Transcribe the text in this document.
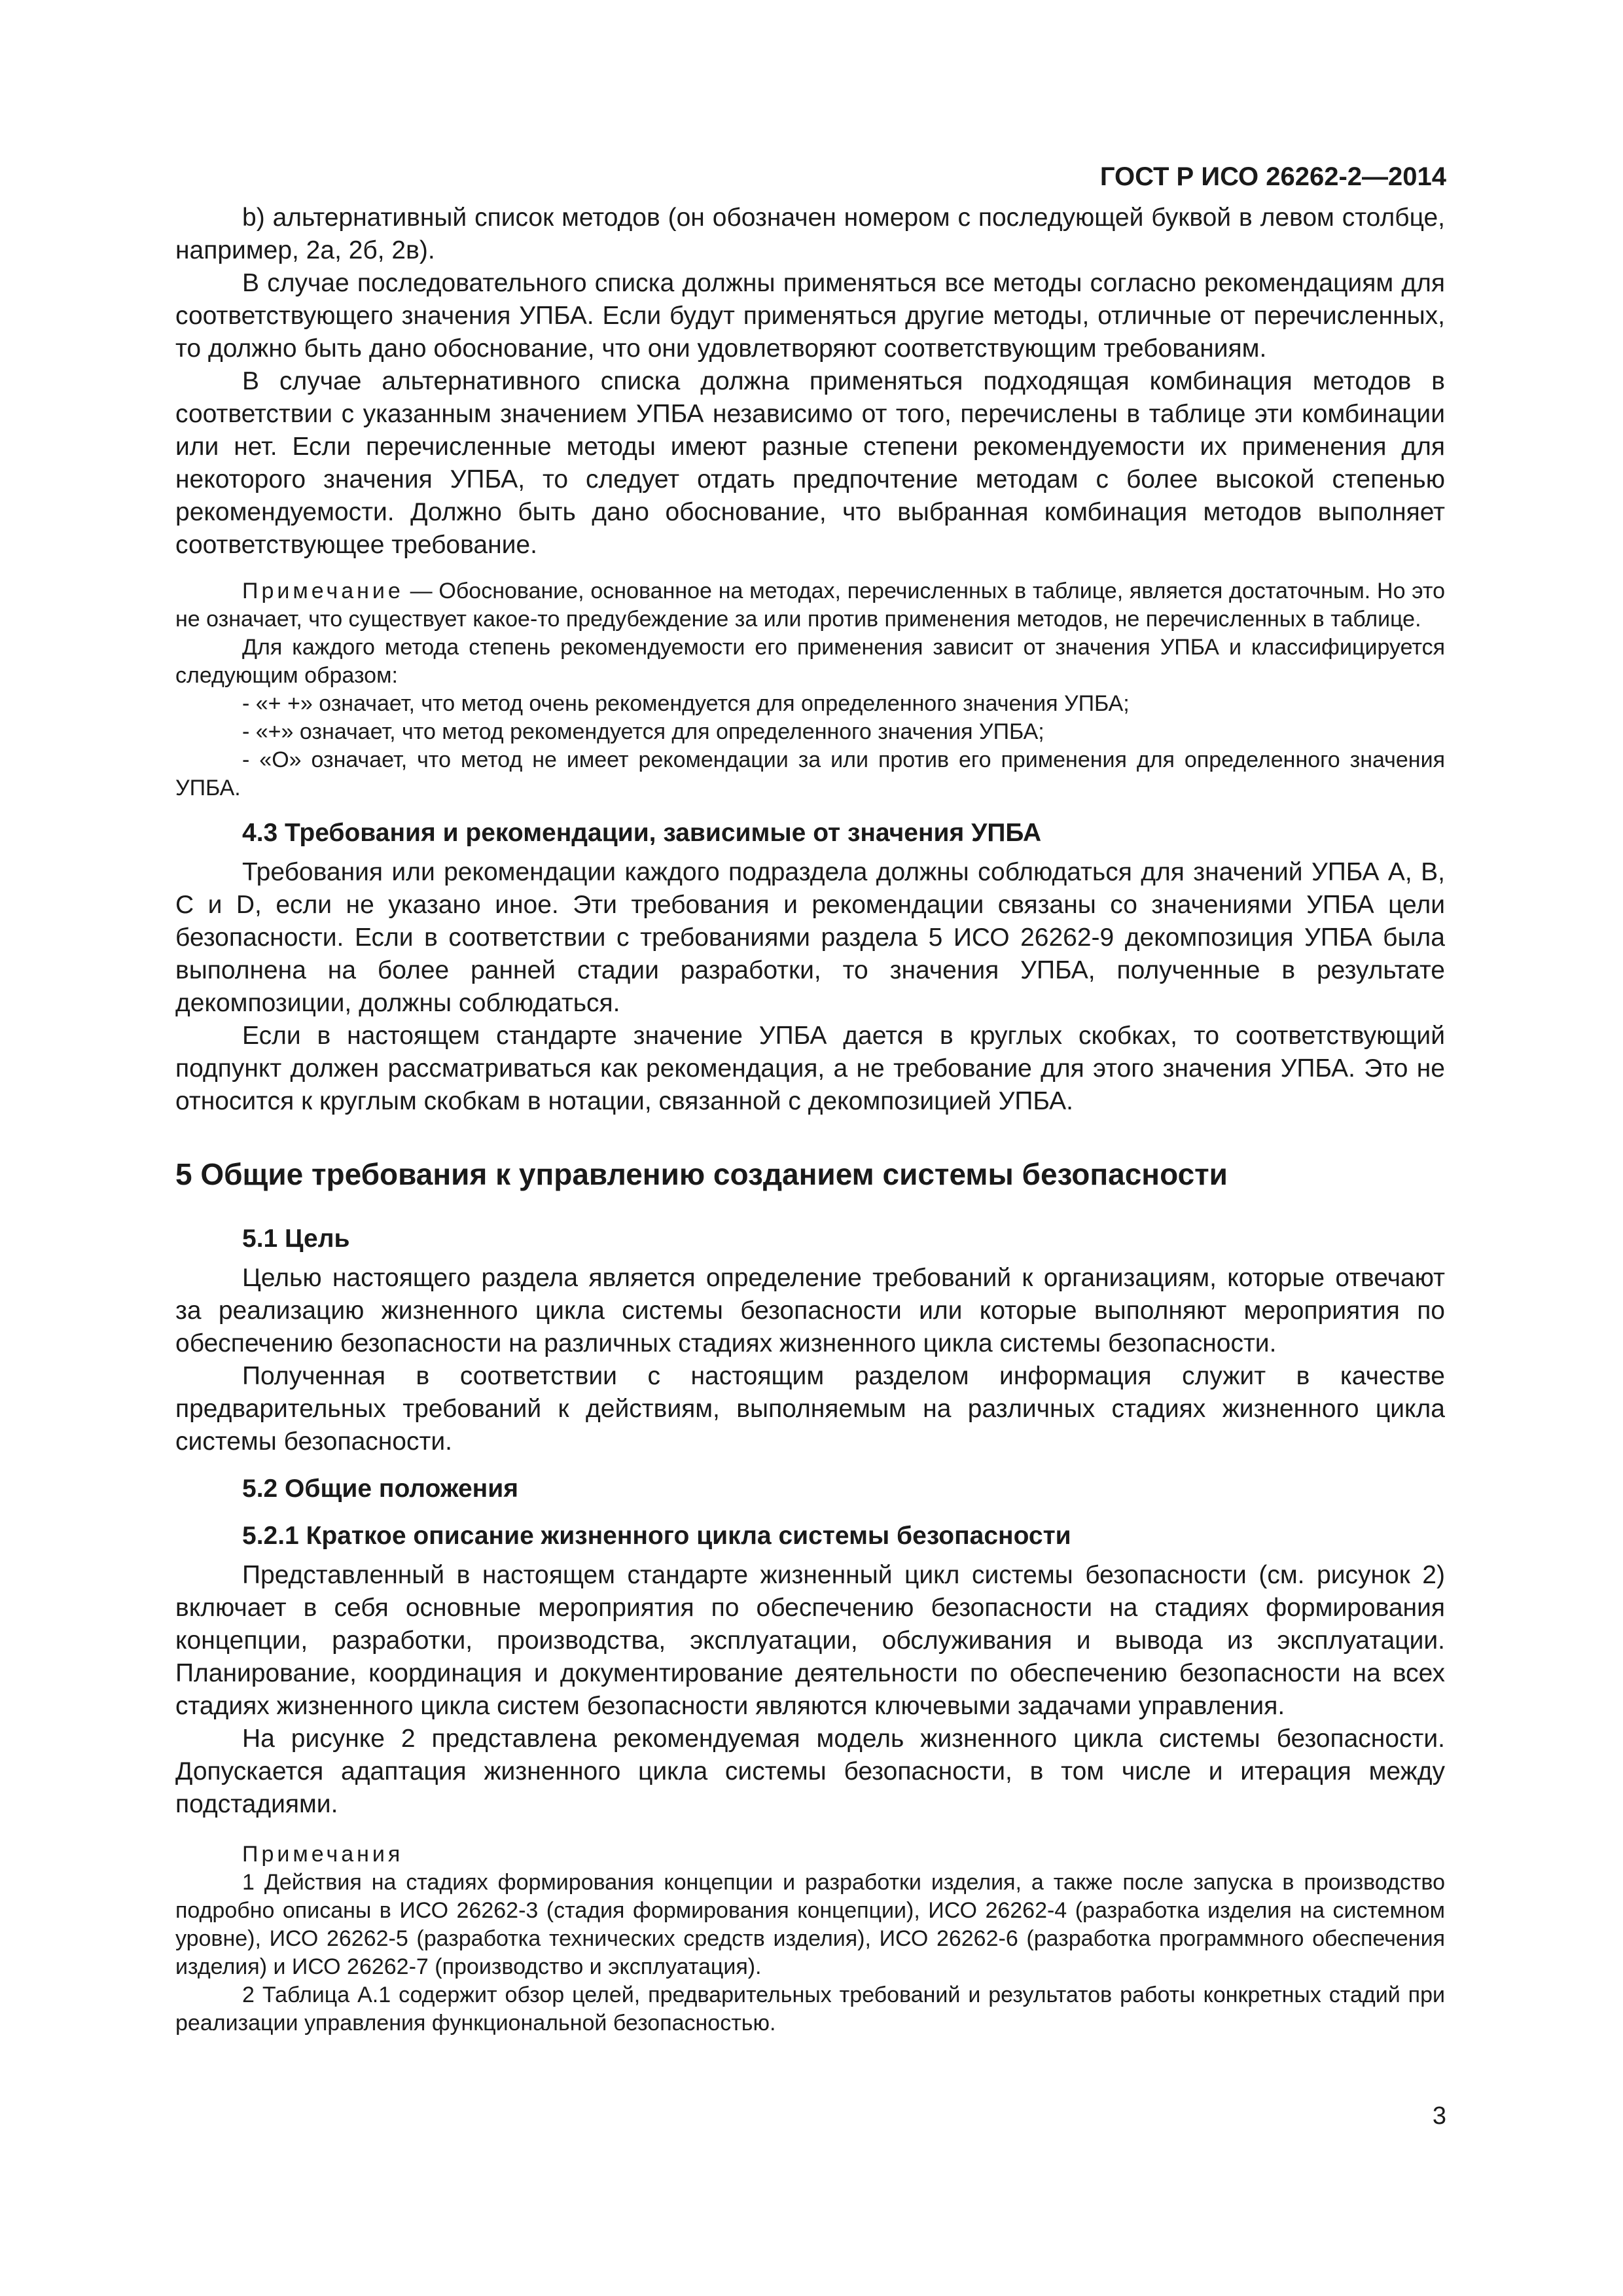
ГОСТ Р ИСО 26262-2—2014

b) альтернативный список методов (он обозначен номером с последующей буквой в левом столбце, например, 2а, 2б, 2в).

В случае последовательного списка должны применяться все методы согласно рекомендациям для соответствующего значения УПБА. Если будут применяться другие методы, отличные от перечисленных, то должно быть дано обоснование, что они удовлетворяют соответствующим требованиям.

В случае альтернативного списка должна применяться подходящая комбинация методов в соответствии с указанным значением УПБА независимо от того, перечислены в таблице эти комбинации или нет. Если перечисленные методы имеют разные степени рекомендуемости их применения для некоторого значения УПБА, то следует отдать предпочтение методам с более высокой степенью рекомендуемости. Должно быть дано обоснование, что выбранная комбинация методов выполняет соответствующее требование.

Примечание — Обоснование, основанное на методах, перечисленных в таблице, является достаточным. Но это не означает, что существует какое-то предубеждение за или против применения методов, не перечисленных в таблице.

Для каждого метода степень рекомендуемости его применения зависит от значения УПБА и классифицируется следующим образом:

- «+ +» означает, что метод очень рекомендуется для определенного значения УПБА;

- «+» означает, что метод рекомендуется для определенного значения УПБА;

- «О» означает, что метод не имеет рекомендации за или против его применения для определенного значения УПБА.

4.3 Требования и рекомендации, зависимые от значения УПБА

Требования или рекомендации каждого подраздела должны соблюдаться для значений УПБА А, В, С и D, если не указано иное. Эти требования и рекомендации связаны со значениями УПБА цели безопасности. Если в соответствии с требованиями раздела 5 ИСО 26262-9 декомпозиция УПБА была выполнена на более ранней стадии разработки, то значения УПБА, полученные в результате декомпозиции, должны соблюдаться.

Если в настоящем стандарте значение УПБА дается в круглых скобках, то соответствующий подпункт должен рассматриваться как рекомендация, а не требование для этого значения УПБА. Это не относится к круглым скобкам в нотации, связанной с декомпозицией УПБА.

5 Общие требования к управлению созданием системы безопасности

5.1 Цель

Целью настоящего раздела является определение требований к организациям, которые отвечают за реализацию жизненного цикла системы безопасности или которые выполняют мероприятия по обеспечению безопасности на различных стадиях жизненного цикла системы безопасности.

Полученная в соответствии с настоящим разделом информация служит в качестве предварительных требований к действиям, выполняемым на различных стадиях жизненного цикла системы безопасности.

5.2 Общие положения

5.2.1 Краткое описание жизненного цикла системы безопасности

Представленный в настоящем стандарте жизненный цикл системы безопасности (см. рисунок 2) включает в себя основные мероприятия по обеспечению безопасности на стадиях формирования концепции, разработки, производства, эксплуатации, обслуживания и вывода из эксплуатации. Планирование, координация и документирование деятельности по обеспечению безопасности на всех стадиях жизненного цикла систем безопасности являются ключевыми задачами управления.

На рисунке 2 представлена рекомендуемая модель жизненного цикла системы безопасности. Допускается адаптация жизненного цикла системы безопасности, в том числе и итерация между подстадиями.

Примечания

1 Действия на стадиях формирования концепции и разработки изделия, а также после запуска в производство подробно описаны в ИСО 26262-3 (стадия формирования концепции), ИСО 26262-4 (разработка изделия на системном уровне), ИСО 26262-5 (разработка технических средств изделия), ИСО 26262-6 (разработка программного обеспечения изделия) и ИСО 26262-7 (производство и эксплуатация).

2 Таблица А.1 содержит обзор целей, предварительных требований и результатов работы конкретных стадий при реализации управления функциональной безопасностью.

3
